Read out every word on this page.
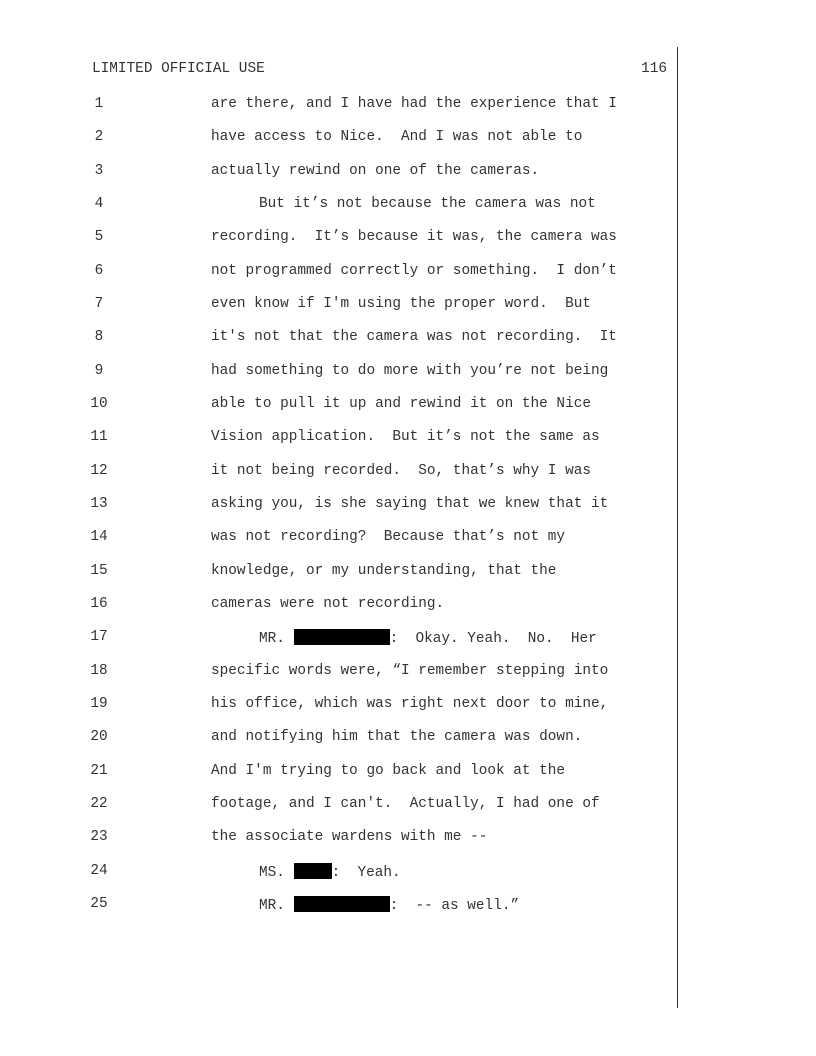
LIMITED OFFICIAL USE	116
1	are there, and I have had the experience that I
2	have access to Nice.  And I was not able to
3	actually rewind on one of the cameras.
4	But it’s not because the camera was not
5	recording.  It’s because it was, the camera was
6	not programmed correctly or something.  I don’t
7	even know if I'm using the proper word.  But
8	it's not that the camera was not recording.  It
9	had something to do more with you’re not being
10	able to pull it up and rewind it on the Nice
11	Vision application.  But it’s not the same as
12	it not being recorded.  So, that’s why I was
13	asking you, is she saying that we knew that it
14	was not recording?  Because that’s not my
15	knowledge, or my understanding, that the
16	cameras were not recording.
17	MR.	:  Okay. Yeah.  No.  Her
18	specific words were, “I remember stepping into
19	his office, which was right next door to mine,
20	and notifying him that the camera was down.
21	And I'm trying to go back and look at the
22	footage, and I can't.  Actually, I had one of
23	the associate wardens with me --
24	MS.	:  Yeah.
25	MR.	:  -- as well.”
